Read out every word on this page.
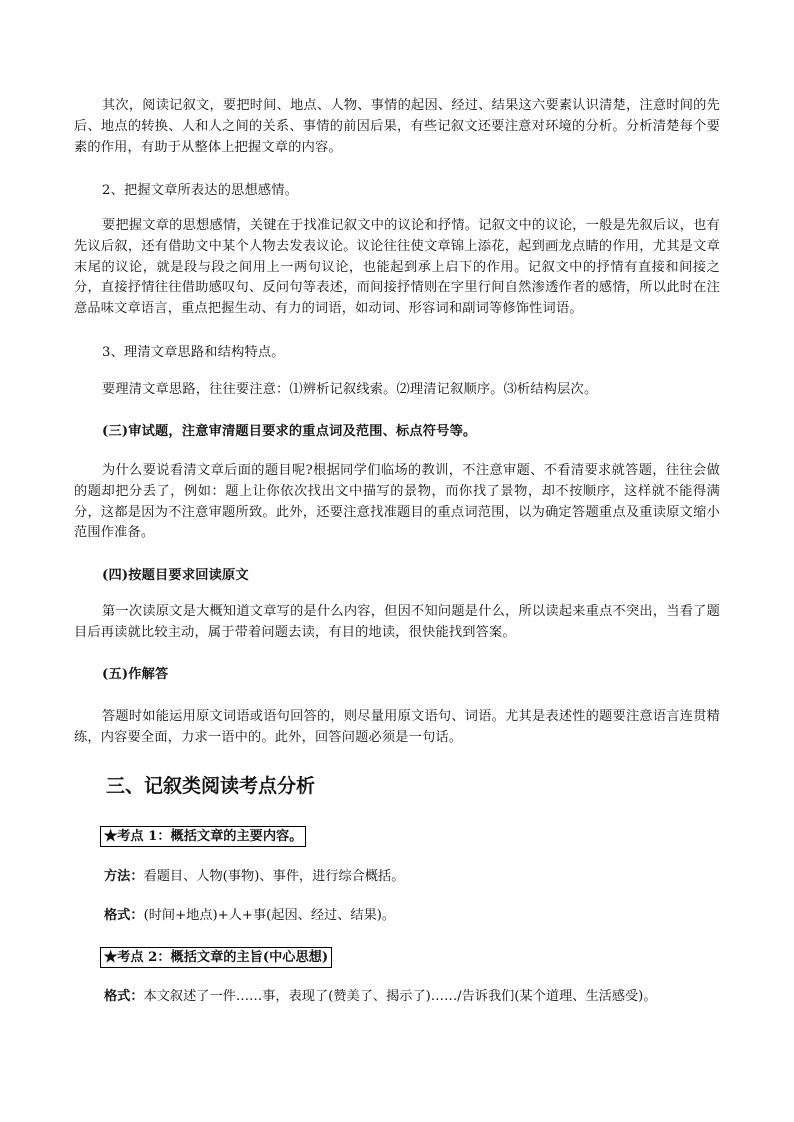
其次，阅读记叙文，要把时间、地点、人物、事情的起因、经过、结果这六要素认识清楚，注意时间的先后、地点的转换、人和人之间的关系、事情的前因后果，有些记叙文还要注意对环境的分析。分析清楚每个要素的作用，有助于从整体上把握文章的内容。

2、把握文章所表达的思想感情。

要把握文章的思想感情，关键在于找准记叙文中的议论和抒情。记叙文中的议论，一般是先叙后议，也有先议后叙，还有借助文中某个人物去发表议论。议论往往使文章锦上添花，起到画龙点睛的作用，尤其是文章末尾的议论，就是段与段之间用上一两句议论，也能起到承上启下的作用。记叙文中的抒情有直接和间接之分，直接抒情往往借助感叹句、反问句等表述，而间接抒情则在字里行间自然渗透作者的感情，所以此时在注意品味文章语言，重点把握生动、有力的词语，如动词、形容词和副词等修饰性词语。

3、理清文章思路和结构特点。

要理清文章思路，往往要注意：⑴辨析记叙线索。⑵理清记叙顺序。⑶析结构层次。

(三)审试题，注意审清题目要求的重点词及范围、标点符号等。

为什么要说看清文章后面的题目呢?根据同学们临场的教训，不注意审题、不看清要求就答题，往往会做的题却把分丢了，例如：题上让你依次找出文中描写的景物，而你找了景物，却不按顺序，这样就不能得满分，这都是因为不注意审题所致。此外，还要注意找准题目的重点词范围，以为确定答题重点及重读原文缩小范围作准备。

(四)按题目要求回读原文

第一次读原文是大概知道文章写的是什么内容，但因不知问题是什么，所以读起来重点不突出，当看了题目后再读就比较主动，属于带着问题去读，有目的地读，很快能找到答案。

(五)作解答

答题时如能运用原文词语或语句回答的，则尽量用原文语句、词语。尤其是表述性的题要注意语言连贯精练，内容要全面，力求一语中的。此外，回答问题必须是一句话。

三、记叙类阅读考点分析
★考点 1：概括文章的主要内容。
方法：看题目、人物(事物)、事件，进行综合概括。
格式：(时间+地点)+人+事(起因、经过、结果)。
★考点 2：概括文章的主旨(中心思想)
格式：本文叙述了一件……事，表现了(赞美了、揭示了)……/告诉我们(某个道理、生活感受)。
